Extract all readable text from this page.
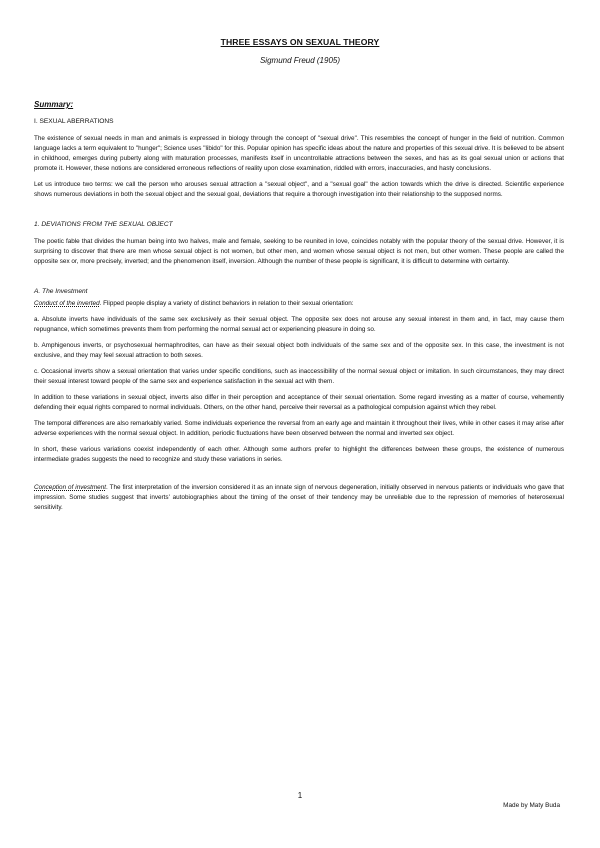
THREE ESSAYS ON SEXUAL THEORY
Sigmund Freud (1905)

Summary:

I. SEXUAL ABERRATIONS

The existence of sexual needs in man and animals is expressed in biology through the concept of "sexual drive". This resembles the concept of hunger in the field of nutrition. Common language lacks a term equivalent to "hunger"; Science uses "libido" for this. Popular opinion has specific ideas about the nature and properties of this sexual drive. It is believed to be absent in childhood, emerges during puberty along with maturation processes, manifests itself in uncontrollable attractions between the sexes, and has as its goal sexual union or actions that promote it. However, these notions are considered erroneous reflections of reality upon close examination, riddled with errors, inaccuracies, and hasty conclusions.

Let us introduce two terms: we call the person who arouses sexual attraction a "sexual object", and a "sexual goal" the action towards which the drive is directed. Scientific experience shows numerous deviations in both the sexual object and the sexual goal, deviations that require a thorough investigation into their relationship to the supposed norms.

1. DEVIATIONS FROM THE SEXUAL OBJECT

The poetic fable that divides the human being into two halves, male and female, seeking to be reunited in love, coincides notably with the popular theory of the sexual drive. However, it is surprising to discover that there are men whose sexual object is not women, but other men, and women whose sexual object is not men, but other women. These people are called the opposite sex or, more precisely, inverted; and the phenomenon itself, inversion. Although the number of these people is significant, it is difficult to determine with certainty.

A. The Investment

Conduct of the inverted. Flipped people display a variety of distinct behaviors in relation to their sexual orientation:

a. Absolute inverts have individuals of the same sex exclusively as their sexual object. The opposite sex does not arouse any sexual interest in them and, in fact, may cause them repugnance, which sometimes prevents them from performing the normal sexual act or experiencing pleasure in doing so.

b. Amphigenous inverts, or psychosexual hermaphrodites, can have as their sexual object both individuals of the same sex and of the opposite sex. In this case, the investment is not exclusive, and they may feel sexual attraction to both sexes.

c. Occasional inverts show a sexual orientation that varies under specific conditions, such as inaccessibility of the normal sexual object or imitation. In such circumstances, they may direct their sexual interest toward people of the same sex and experience satisfaction in the sexual act with them.

In addition to these variations in sexual object, inverts also differ in their perception and acceptance of their sexual orientation. Some regard investing as a matter of course, vehemently defending their equal rights compared to normal individuals. Others, on the other hand, perceive their reversal as a pathological compulsion against which they rebel.

The temporal differences are also remarkably varied. Some individuals experience the reversal from an early age and maintain it throughout their lives, while in other cases it may arise after adverse experiences with the normal sexual object. In addition, periodic fluctuations have been observed between the normal and inverted sex object.

In short, these various variations coexist independently of each other. Although some authors prefer to highlight the differences between these groups, the existence of numerous intermediate grades suggests the need to recognize and study these variations in series.

Conception of investment. The first interpretation of the inversion considered it as an innate sign of nervous degeneration, initially observed in nervous patients or individuals who gave that impression. Some studies suggest that inverts' autobiographies about the timing of the onset of their tendency may be unreliable due to the repression of memories of heterosexual sensitivity.

1
Made by Maty Buda
